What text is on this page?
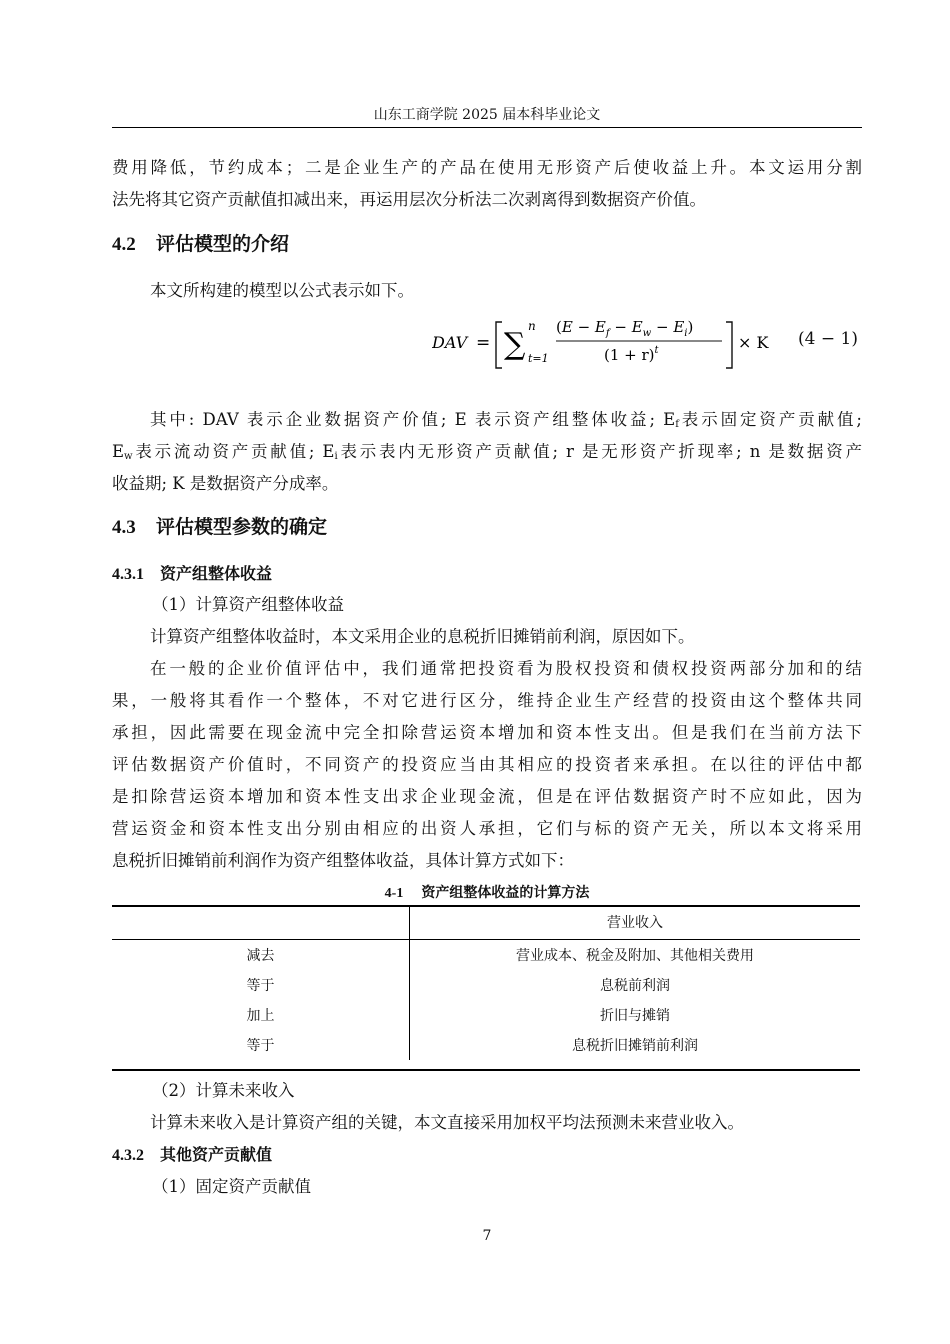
山东工商学院 2025 届本科毕业论文
费用降低，节约成本；二是企业生产的产品在使用无形资产后使收益上升。本文运用分割
法先将其它资产贡献值扣减出来，再运用层次分析法二次剥离得到数据资产价值。
4.2 评估模型的介绍
本文所构建的模型以公式表示如下。
DAV = ∑
n
t=1
$(E - E_f - E_w - E_i)$
$(1 + r)^t$	× K (4 − 1)
其中: DAV 表示企业数据资产价值; E 表示资产组整体收益; $E_f$表示固定资产贡献值;
$E_w$表示流动资产贡献值; $E_i$表示表内无形资产贡献值; r 是无形资产折现率; n 是数据资产
收益期; K 是数据资产分成率。
4.3 评估模型参数的确定
4.3.1 资产组整体收益
（1）计算资产组整体收益
计算资产组整体收益时，本文采用企业的息税折旧摊销前利润，原因如下。
在一般的企业价值评估中，我们通常把投资看为股权投资和债权投资两部分加和的结
果，一般将其看作一个整体，不对它进行区分，维持企业生产经营的投资由这个整体共同
承担，因此需要在现金流中完全扣除营运资本增加和资本性支出。但是我们在当前方法下
评估数据资产价值时，不同资产的投资应当由其相应的投资者来承担。在以往的评估中都
是扣除营运资本增加和资本性支出求企业现金流，但是在评估数据资产时不应如此，因为
营运资金和资本性支出分别由相应的出资人承担，它们与标的资产无关，所以本文将采用
息税折旧摊销前利润作为资产组整体收益，具体计算方式如下：
4-1 资产组整体收益的计算方法
	营业收入
减去	营业成本、税金及附加、其他相关费用
等于	息税前利润
加上	折旧与摊销
等于	息税折旧摊销前利润
（2）计算未来收入
计算未来收入是计算资产组的关键，本文直接采用加权平均法预测未来营业收入。
4.3.2 其他资产贡献值
（1）固定资产贡献值
7
